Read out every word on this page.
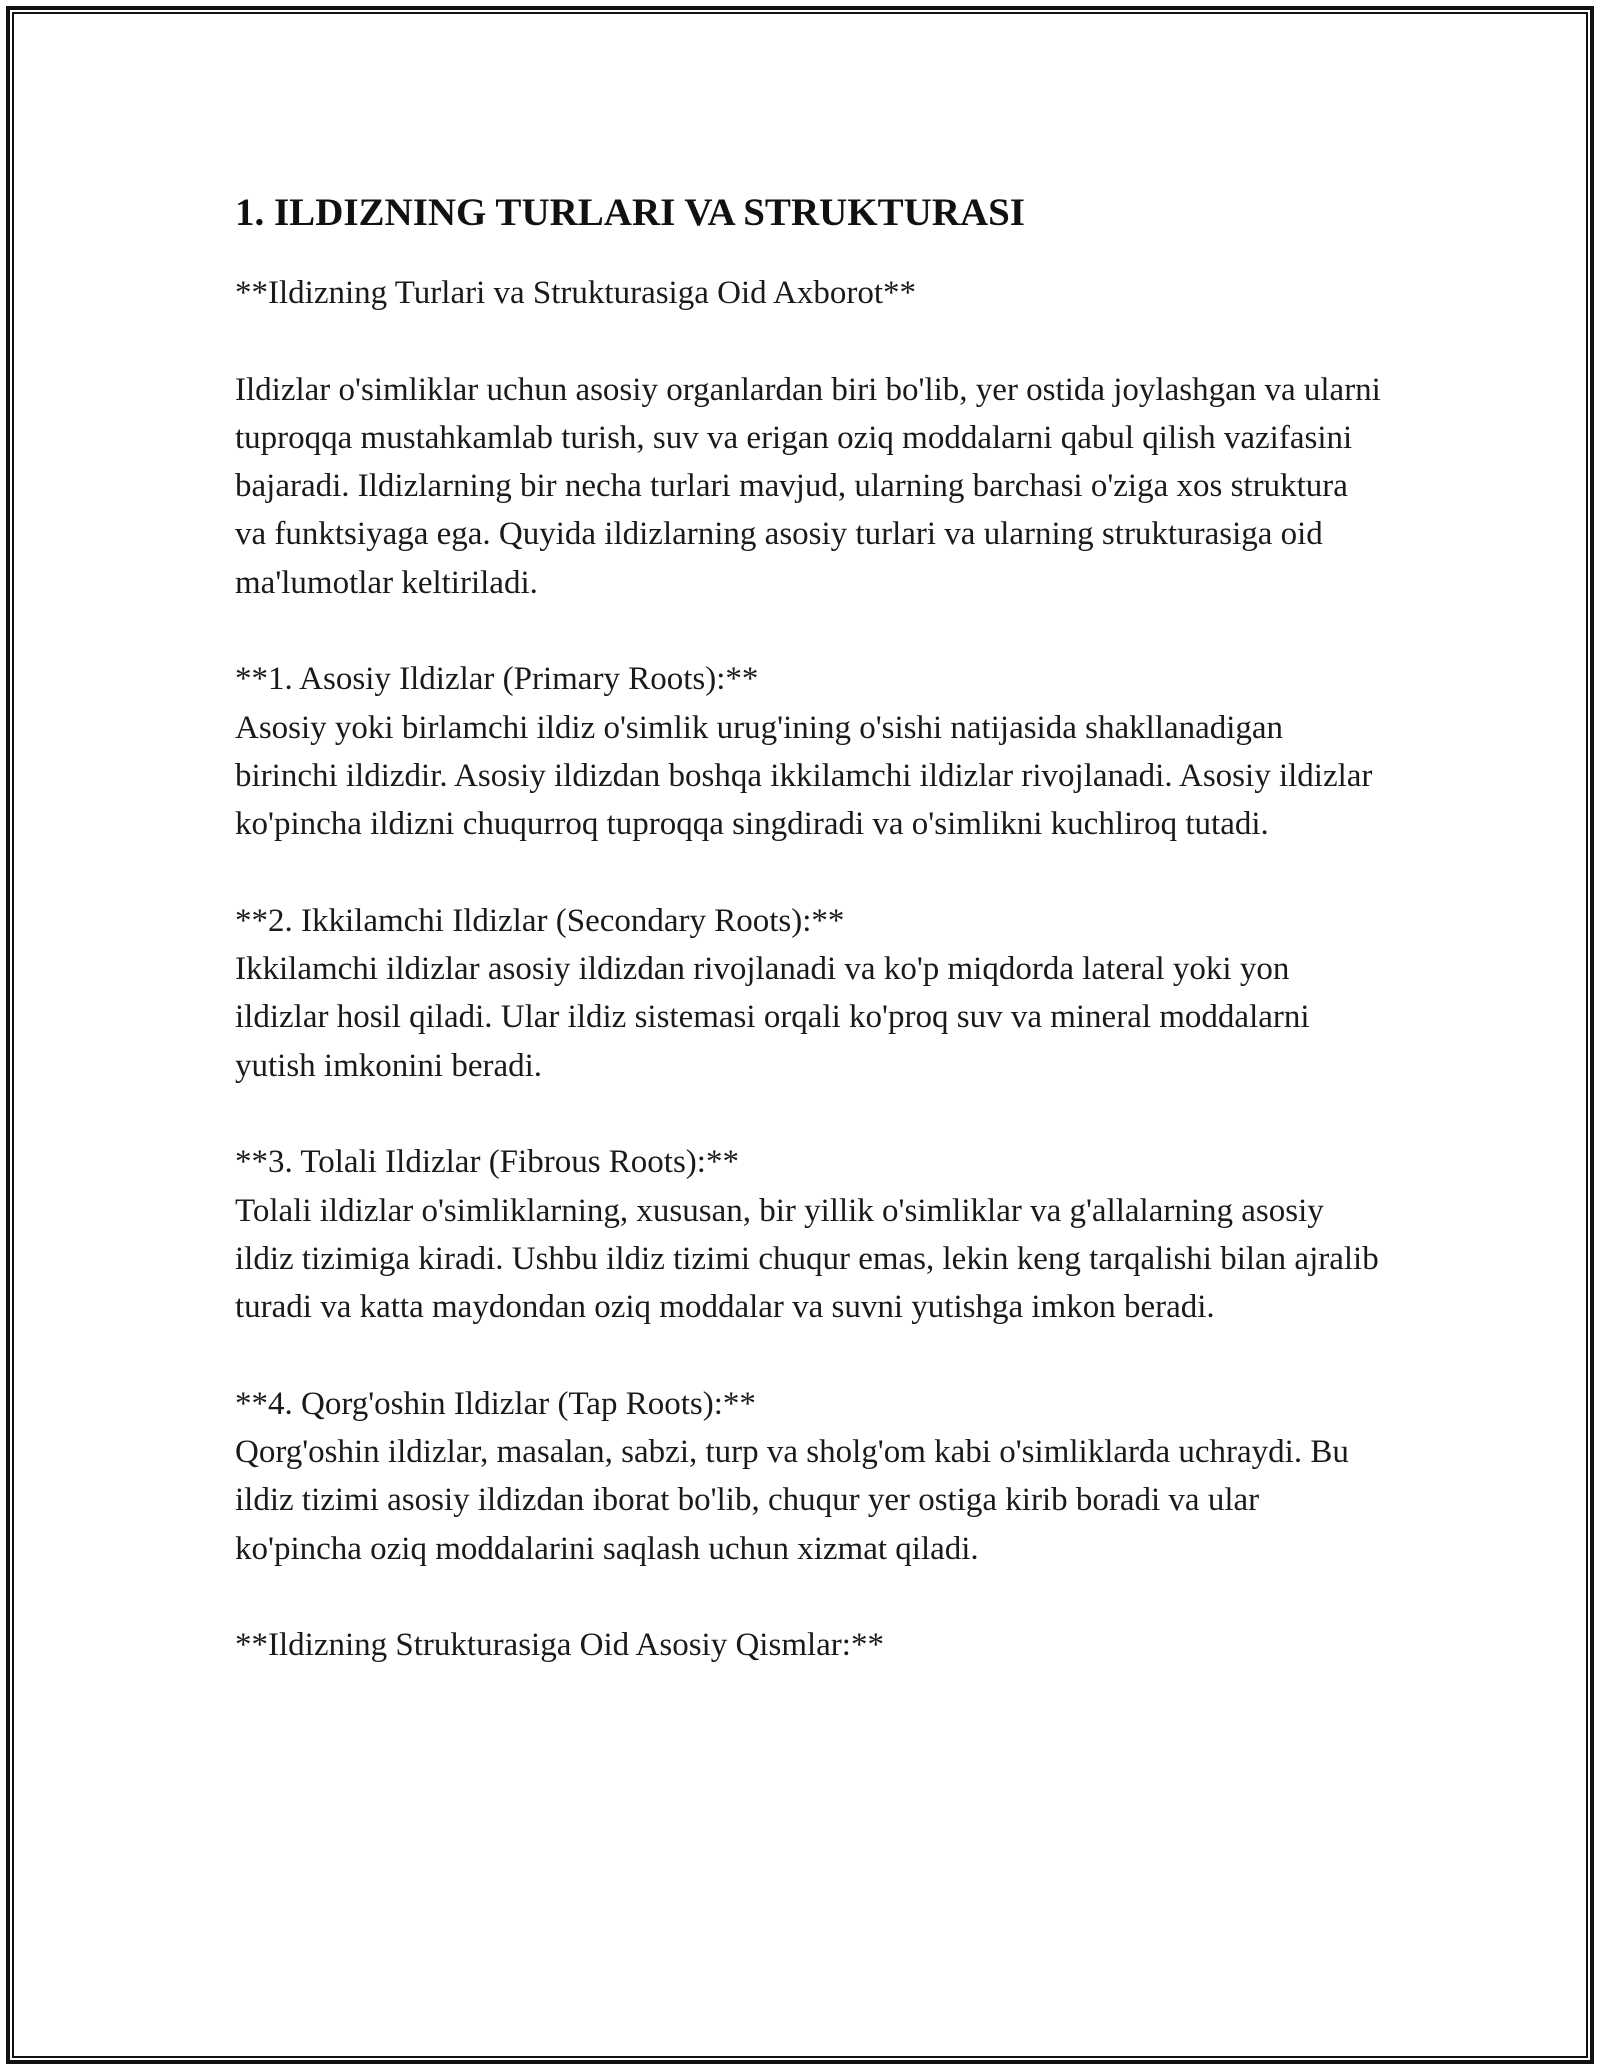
1. ILDIZNING TURLARI VA STRUKTURASI

**Ildizning Turlari va Strukturasiga Oid Axborot**

Ildizlar o'simliklar uchun asosiy organlardan biri bo'lib, yer ostida joylashgan va ularni tuproqqa mustahkamlab turish, suv va erigan oziq moddalarni qabul qilish vazifasini bajaradi. Ildizlarning bir necha turlari mavjud, ularning barchasi o'ziga xos struktura va funktsiyaga ega. Quyida ildizlarning asosiy turlari va ularning strukturasiga oid ma'lumotlar keltiriladi.

**1. Asosiy Ildizlar (Primary Roots):**

Asosiy yoki birlamchi ildiz o'simlik urug'ining o'sishi natijasida shakllanadigan birinchi ildizdir. Asosiy ildizdan boshqa ikkilamchi ildizlar rivojlanadi. Asosiy ildizlar ko'pincha ildizni chuqurroq tuproqqa singdiradi va o'simlikni kuchliroq tutadi.

**2. Ikkilamchi Ildizlar (Secondary Roots):**

Ikkilamchi ildizlar asosiy ildizdan rivojlanadi va ko'p miqdorda lateral yoki yon ildizlar hosil qiladi. Ular ildiz sistemasi orqali ko'proq suv va mineral moddalarni yutish imkonini beradi.

**3. Tolali Ildizlar (Fibrous Roots):**

Tolali ildizlar o'simliklarning, xususan, bir yillik o'simliklar va g'allalarning asosiy ildiz tizimiga kiradi. Ushbu ildiz tizimi chuqur emas, lekin keng tarqalishi bilan ajralib turadi va katta maydondan oziq moddalar va suvni yutishga imkon beradi.

**4. Qorg'oshin Ildizlar (Tap Roots):**

Qorg'oshin ildizlar, masalan, sabzi, turp va sholg'om kabi o'simliklarda uchraydi. Bu ildiz tizimi asosiy ildizdan iborat bo'lib, chuqur yer ostiga kirib boradi va ular ko'pincha oziq moddalarini saqlash uchun xizmat qiladi.

**Ildizning Strukturasiga Oid Asosiy Qismlar:**
